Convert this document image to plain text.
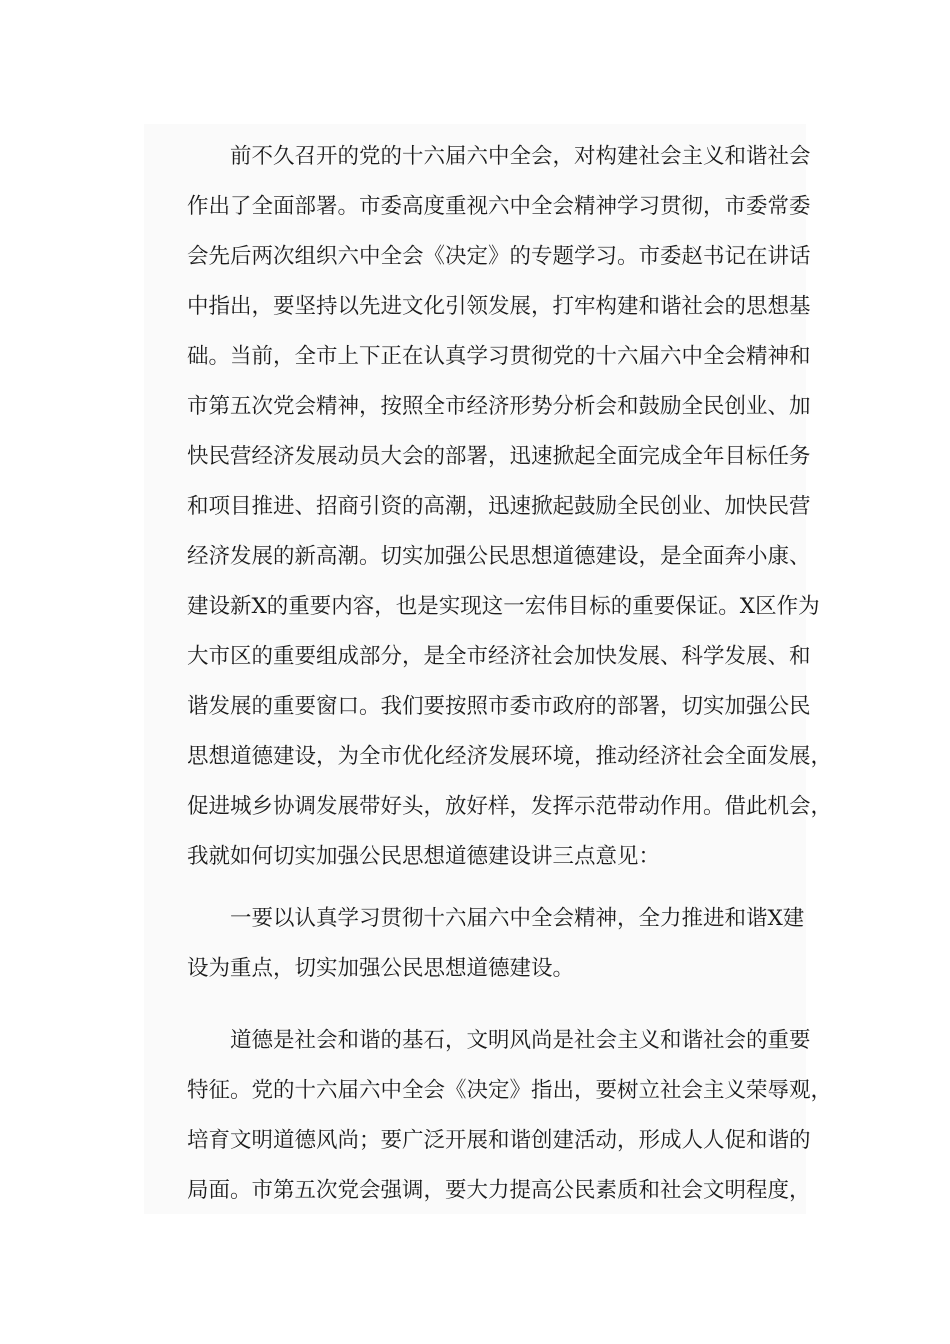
前不久召开的党的十六届六中全会，对构建社会主义和谐社会
作出了全面部署。市委高度重视六中全会精神学习贯彻，市委常委
会先后两次组织六中全会《决定》的专题学习。市委赵书记在讲话
中指出，要坚持以先进文化引领发展，打牢构建和谐社会的思想基
础。当前，全市上下正在认真学习贯彻党的十六届六中全会精神和
市第五次党会精神，按照全市经济形势分析会和鼓励全民创业、加
快民营经济发展动员大会的部署，迅速掀起全面完成全年目标任务
和项目推进、招商引资的高潮，迅速掀起鼓励全民创业、加快民营
经济发展的新高潮。切实加强公民思想道德建设，是全面奔小康、
建设新X的重要内容，也是实现这一宏伟目标的重要保证。X区作为
大市区的重要组成部分，是全市经济社会加快发展、科学发展、和
谐发展的重要窗口。我们要按照市委市政府的部署，切实加强公民
思想道德建设，为全市优化经济发展环境，推动经济社会全面发展，
促进城乡协调发展带好头，放好样，发挥示范带动作用。借此机会，
我就如何切实加强公民思想道德建设讲三点意见：
一要以认真学习贯彻十六届六中全会精神，全力推进和谐X建
设为重点，切实加强公民思想道德建设。
道德是社会和谐的基石，文明风尚是社会主义和谐社会的重要
特征。党的十六届六中全会《决定》指出，要树立社会主义荣辱观，
培育文明道德风尚；要广泛开展和谐创建活动，形成人人促和谐的
局面。市第五次党会强调，要大力提高公民素质和社会文明程度，
